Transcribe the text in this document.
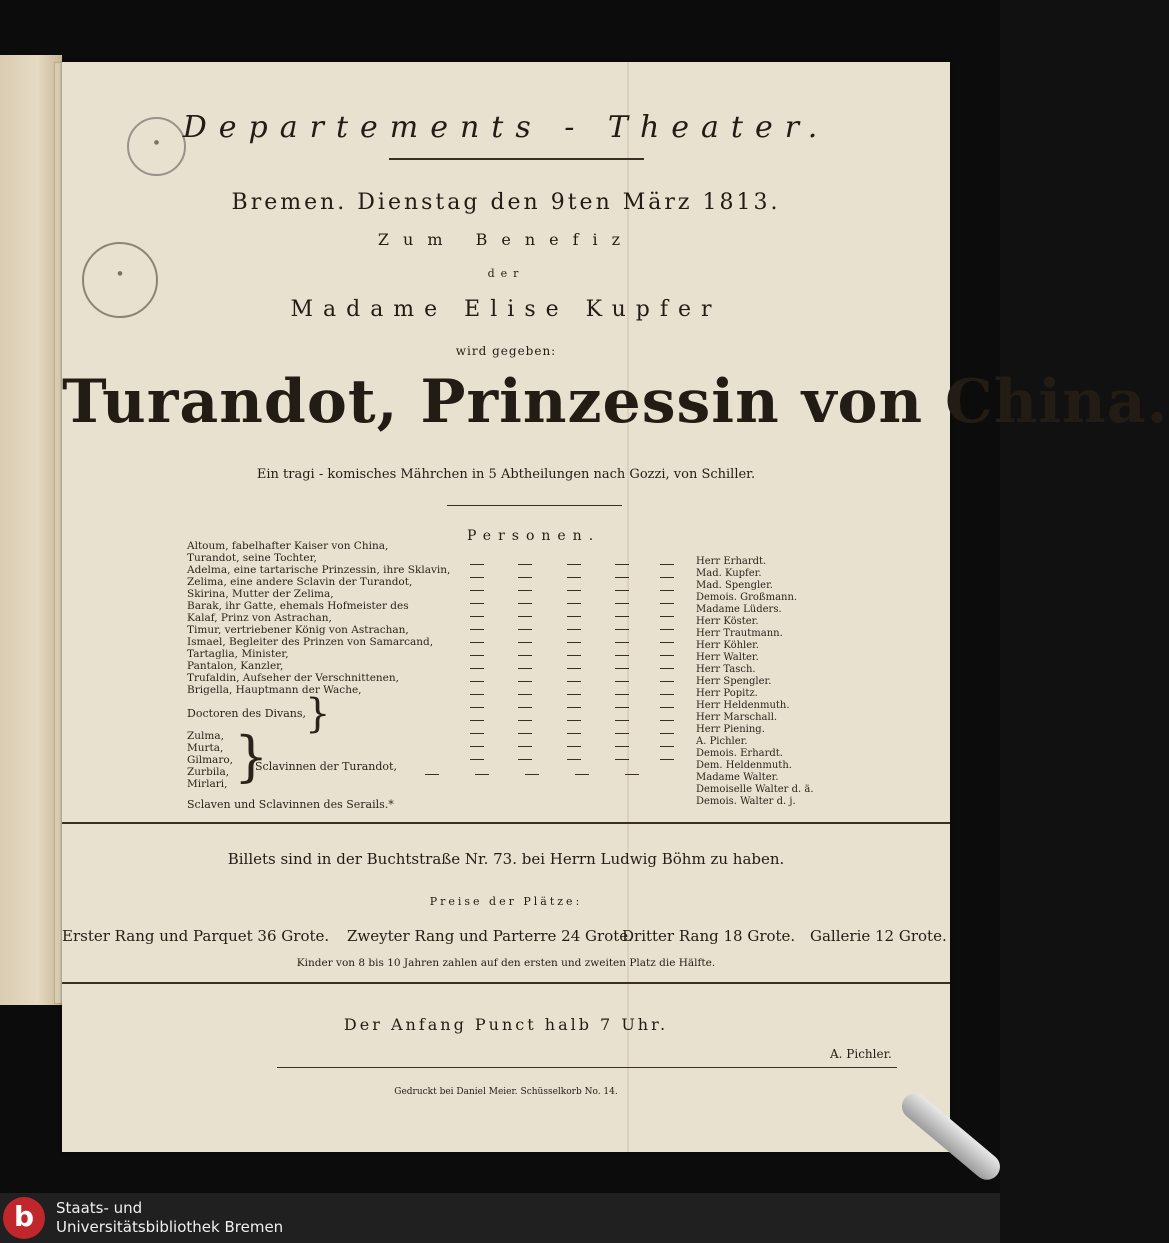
●
● Departements - Theater.
Bremen. Dienstag den 9ten März 1813.
Zum Benefiz
der
Madame Elise Kupfer
wird gegeben:
Turandot, Prinzessin von China.
Ein tragi - komisches Mährchen in 5 Abtheilungen nach Gozzi, von Schiller.
Personen.
Altoum, fabelhafter Kaiser von China,
Turandot, seine Tochter,
Adelma, eine tartarische Prinzessin, ihre Sklavin,
Zelima, eine andere Sclavin der Turandot,
Skirina, Mutter der Zelima,
Barak, ihr Gatte, ehemals Hofmeister des
Kalaf, Prinz von Astrachan,
Timur, vertriebener König von Astrachan,
Ismael, Begleiter des Prinzen von Samarcand,
Tartaglia, Minister,
Pantalon, Kanzler,
Trufaldin, Aufseher der Verschnittenen,
Brigella, Hauptmann der Wache,
Doctoren des Divans,
}
Zulma,
Murta,
Gilmaro,
Zurbila,
Mirlari, }
Sclavinnen der Turandot,
Sclaven und Sclavinnen des Serails.*
Herr Erhardt.
Mad. Kupfer.
Mad. Spengler.
Demois. Großmann.
Madame Lüders.
Herr Köster.
Herr Trautmann.
Herr Köhler.
Herr Walter.
Herr Tasch.
Herr Spengler.
Herr Popitz.
Herr Heldenmuth.
Herr Marschall.
Herr Piening.
A. Pichler.
Demois. Erhardt.
Dem. Heldenmuth.
Madame Walter.
Demoiselle Walter d. ä.
Demois. Walter d. j.
Billets sind in der Buchtstraße Nr. 73. bei Herrn Ludwig Böhm zu haben.
Preise der Plätze:
Erster Rang und Parquet 36 Grote. Zweyter Rang und Parterre 24 Grote.
Dritter Rang 18 Grote. Gallerie 12 Grote.
Kinder von 8 bis 10 Jahren zahlen auf den ersten und zweiten Platz die Hälfte.
Der Anfang Punct halb 7 Uhr.
A. Pichler.
Gedruckt bei Daniel Meier. Schüsselkorb No. 14.
b	Staats- und
Universitätsbibliothek Bremen
